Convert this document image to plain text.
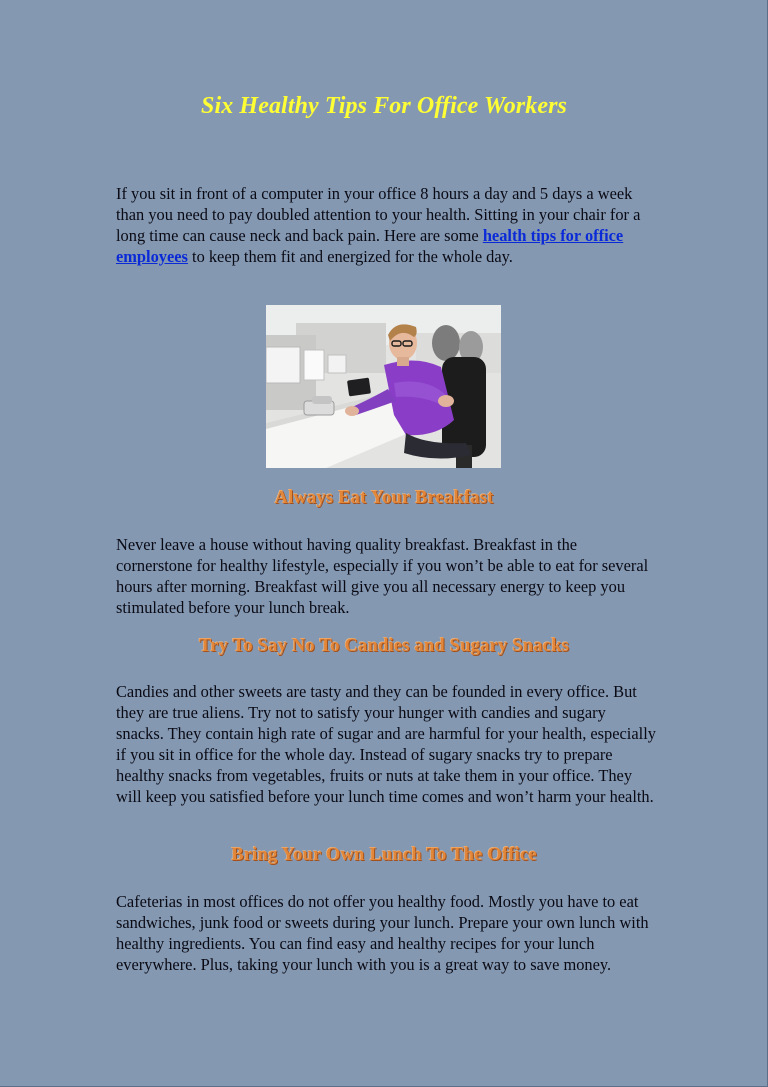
Six Healthy Tips For Office Workers

If you sit in front of a computer in your office 8 hours a day and 5 days a week than you need to pay doubled attention to your health. Sitting in your chair for a long time can cause neck and back pain. Here are some health tips for office employees to keep them fit and energized for the whole day.

Always Eat Your Breakfast

Never leave a house without having quality breakfast. Breakfast in the cornerstone for healthy lifestyle, especially if you won’t be able to eat for several hours after morning. Breakfast will give you all necessary energy to keep you stimulated before your lunch break.

Try To Say No To Candies and Sugary Snacks

Candies and other sweets are tasty and they can be founded in every office. But they are true aliens. Try not to satisfy your hunger with candies and sugary snacks. They contain high rate of sugar and are harmful for your health, especially if you sit in office for the whole day. Instead of sugary snacks try to prepare healthy snacks from vegetables, fruits or nuts at take them in your office. They will keep you satisfied before your lunch time comes and won’t harm your health.

Bring Your Own Lunch To The Office

Cafeterias in most offices do not offer you healthy food. Mostly you have to eat sandwiches, junk food or sweets during your lunch. Prepare your own lunch with healthy ingredients. You can find easy and healthy recipes for your lunch everywhere. Plus, taking your lunch with you is a great way to save money.
